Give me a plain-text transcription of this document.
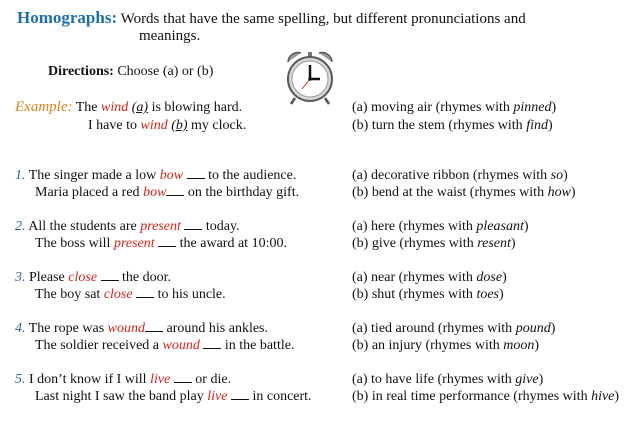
Homographs: Words that have the same spelling, but different pronunciations and
meanings.
Directions: Choose (a) or (b)
Example: The wind (a) is blowing hard.
I have to wind (b) my clock.
(a) moving air (rhymes with pinned)
(b) turn the stem (rhymes with find)
1. The singer made a low bow to the audience.
Maria placed a red bow on the birthday gift.
(a) decorative ribbon (rhymes with so)
(b) bend at the waist (rhymes with how)
2. All the students are present today.
The boss will present the award at 10:00.
(a) here (rhymes with pleasant)
(b) give (rhymes with resent)
3. Please close the door.
The boy sat close to his uncle.
(a) near (rhymes with dose)
(b) shut (rhymes with toes)
4. The rope was wound around his ankles.
The soldier received a wound in the battle.
(a) tied around (rhymes with pound)
(b) an injury (rhymes with moon)
5. I don’t know if I will live or die.
Last night I saw the band play live in concert.
(a) to have life (rhymes with give)
(b) in real time performance (rhymes with hive)
